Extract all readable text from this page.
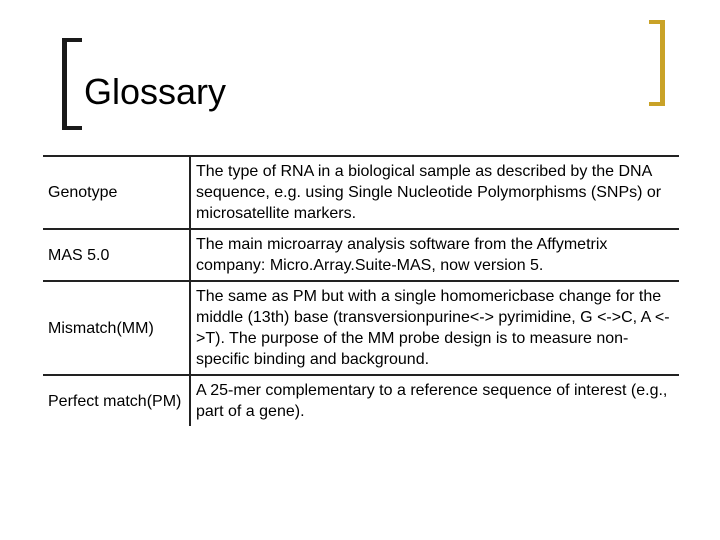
Glossary
Genotype	The type of RNA in a biological sample as described by the DNA sequence, e.g. using Single Nucleotide Polymorphisms (SNPs) or microsatellite markers.
MAS 5.0	The main microarray analysis software from the Affymetrix company: Micro.Array.Suite-MAS, now version 5.
Mismatch(MM)	The same as PM but with a single homomericbase change for the middle (13th) base (transversionpurine<-> pyrimidine, G <->C, A <->T). The purpose of the MM probe design is to measure non-specific binding and background.
Perfect match(PM)	A 25-mer complementary to a reference sequence of interest (e.g., part of a gene).
